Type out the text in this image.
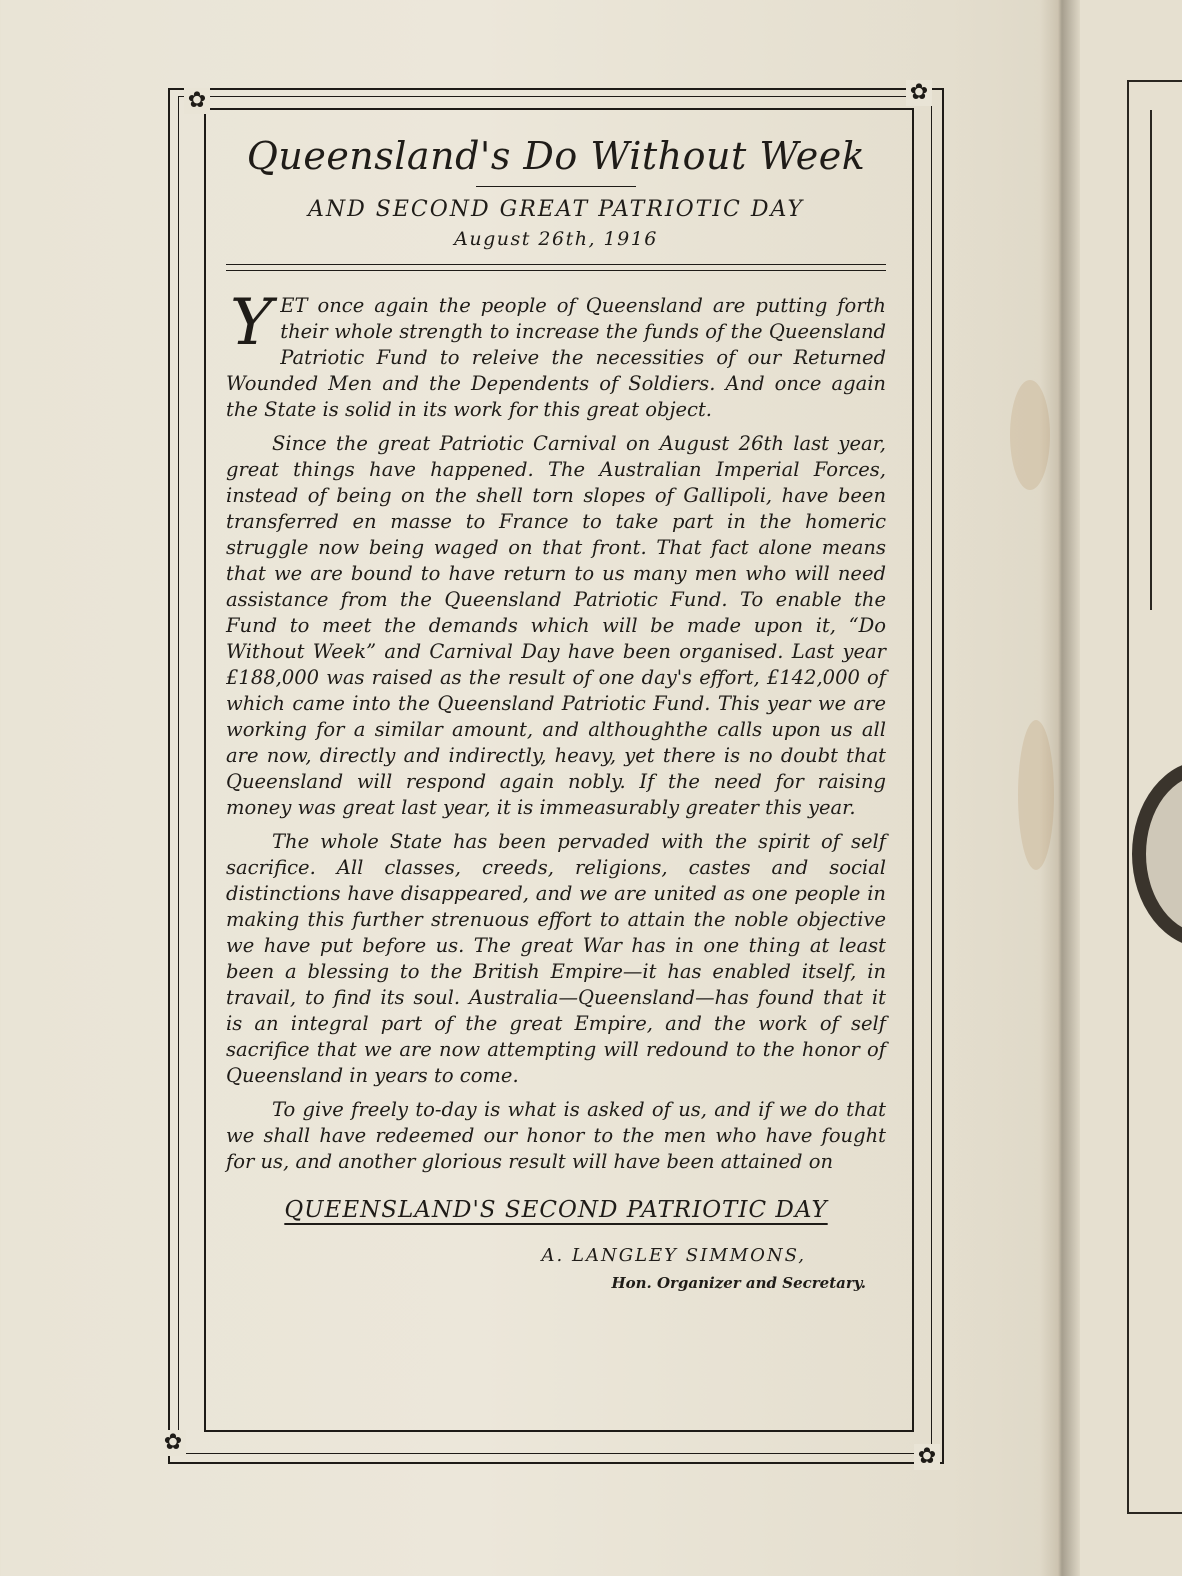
✿	✿
✿
✿
Queensland's Do Without Week
AND SECOND GREAT PATRIOTIC DAY
August 26th, 1916

YET once again the people of Queensland are putting forth their whole strength to increase the funds of the Queensland Patriotic Fund to releive the necessities of our Returned Wounded Men and the Dependents of Soldiers. And once again the State is solid in its work for this great object.

Since the great Patriotic Carnival on August 26th last year, great things have happened. The Australian Imperial Forces, instead of being on the shell torn slopes of Gallipoli, have been transferred en masse to France to take part in the homeric struggle now being waged on that front. That fact alone means that we are bound to have return to us many men who will need assistance from the Queensland Patriotic Fund. To enable the Fund to meet the demands which will be made upon it, “Do Without Week” and Carnival Day have been organised. Last year £188,000 was raised as the result of one day's effort, £142,000 of which came into the Queensland Patriotic Fund. This year we are working for a similar amount, and althoughthe calls upon us all are now, directly and indirectly, heavy, yet there is no doubt that Queensland will respond again nobly. If the need for raising money was great last year, it is immeasurably greater this year.

The whole State has been pervaded with the spirit of self sacrifice. All classes, creeds, religions, castes and social distinctions have disappeared, and we are united as one people in making this further strenuous effort to attain the noble objective we have put before us. The great War has in one thing at least been a blessing to the British Empire—it has enabled itself, in travail, to find its soul. Australia—Queensland—has found that it is an integral part of the great Empire, and the work of self sacrifice that we are now attempting will redound to the honor of Queensland in years to come.

To give freely to-day is what is asked of us, and if we do that we shall have redeemed our honor to the men who have fought for us, and another glorious result will have been attained on

QUEENSLAND'S SECOND PATRIOTIC DAY
A. LANGLEY SIMMONS,
Hon. Organizer and Secretary.
